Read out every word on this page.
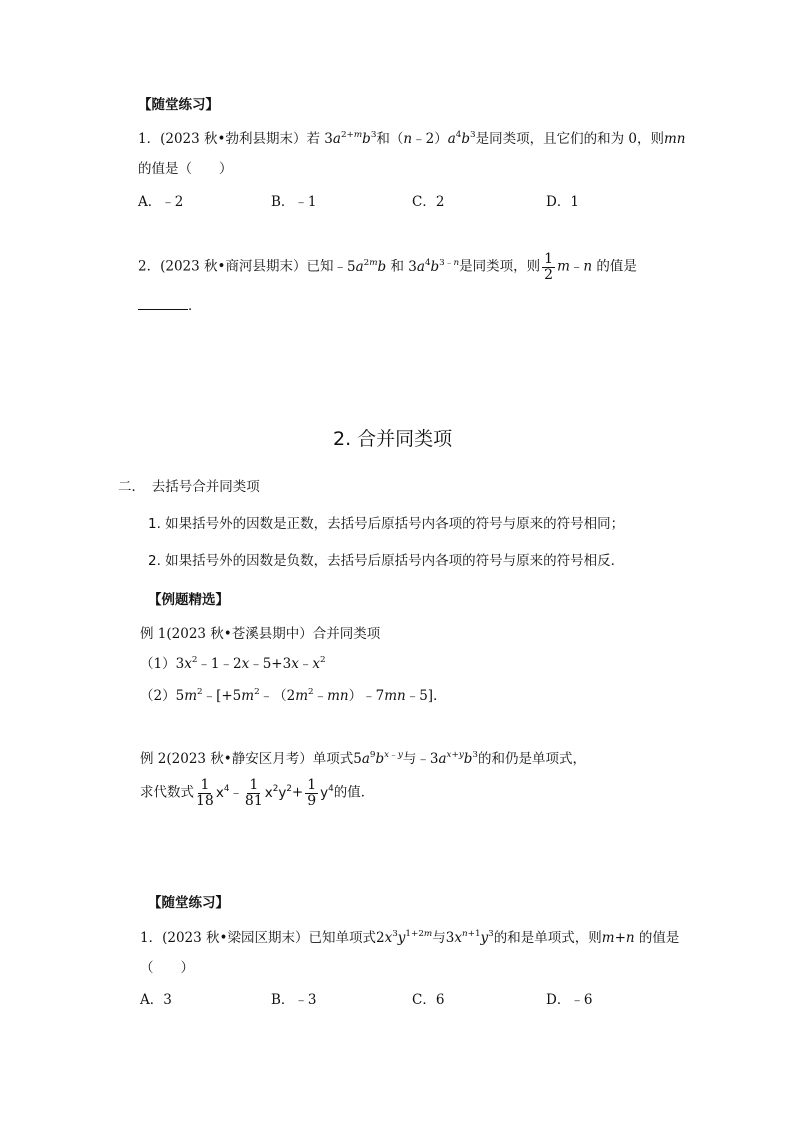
【随堂练习】
1．(2023 秋•勃利县期末）若 $3a^{2+m}b^3$和$(n﹣2)a^4b^3$是同类项，且它们的和为 0，则mn
的值是（　　）
A．﹣2	B．﹣1	C．2	D．1
2．(2023 秋•商河县期末）已知$﹣5a^{2m}b$ 和 $3a^4b^{3﹣n}$是同类项，则 $\frac{1}{2}$ m﹣n 的值是
．
2. 合并同类项
二．　去括号合并同类项
1. 如果括号外的因数是正数，去括号后原括号内各项的符号与原来的符号相同；
2. 如果括号外的因数是负数，去括号后原括号内各项的符号与原来的符号相反．
【例题精选】
例 1(2023 秋•苍溪县期中）合并同类项
$(1)3x^2﹣1﹣2x﹣5+3x﹣x^2$
$(2)5m^2﹣[+5m^2﹣(2m^2﹣mn)﹣7mn﹣5]$．
例 2(2023 秋•静安区月考）单项式$5a^9b^{x﹣y}$与$﹣3a^{x+y}b^3$的和仍是单项式，
求代数式 $\frac{1}{18}$ $x^4﹣ \frac{1}{81} x^2y^2+ \frac{1}{9} y^4$的值．
【随堂练习】
1．(2023 秋•梁园区期末）已知单项式$2x^3y^{1+2m}$与$3x^{n+1}y^3$的和是单项式，则m+n 的值是
（　　）
A．3	B．﹣3	C．6	D．﹣6
